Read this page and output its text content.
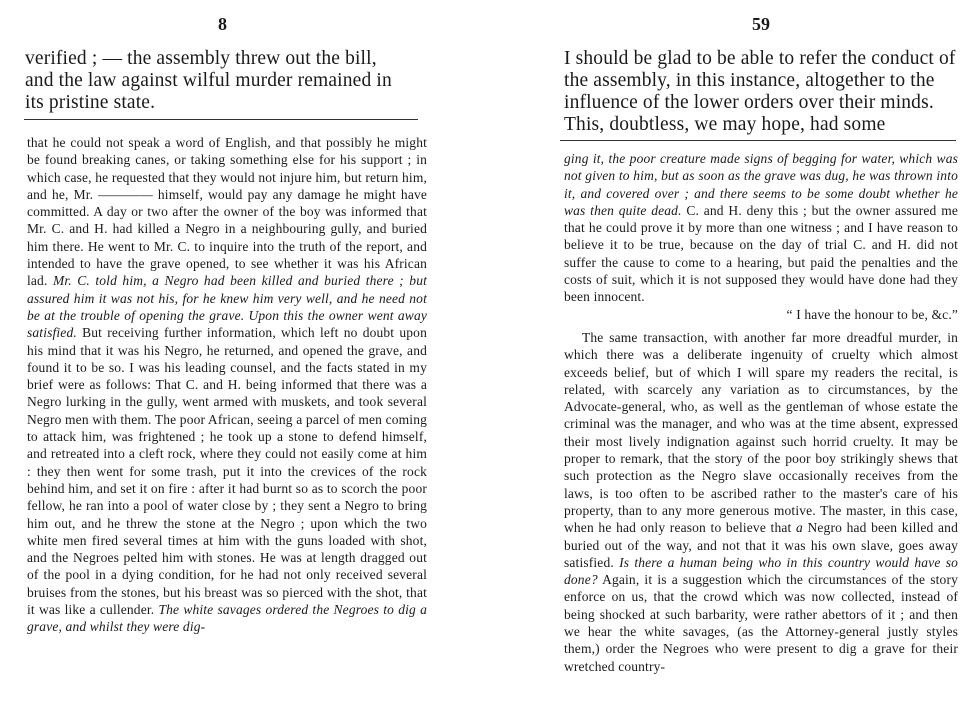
8
verified ; — the assembly threw out the bill, and the law against wilful murder remained in its pristine state.
that he could not speak a word of English, and that possibly he might be found breaking canes, or taking something else for his support ; in which case, he requested that they would not injure him, but return him, and he, Mr. ———— himself, would pay any damage he might have committed. A day or two after the owner of the boy was informed that Mr. C. and H. had killed a Negro in a neighbouring gully, and buried him there. He went to Mr. C. to inquire into the truth of the report, and intended to have the grave opened, to see whether it was his African lad. Mr. C. told him, a Negro had been killed and buried there ; but assured him it was not his, for he knew him very well, and he need not be at the trouble of opening the grave. Upon this the owner went away satisfied. But receiving further information, which left no doubt upon his mind that it was his Negro, he returned, and opened the grave, and found it to be so. I was his leading counsel, and the facts stated in my brief were as follows: That C. and H. being informed that there was a Negro lurking in the gully, went armed with muskets, and took several Negro men with them. The poor African, seeing a parcel of men coming to attack him, was frightened ; he took up a stone to defend himself, and retreated into a cleft rock, where they could not easily come at him : they then went for some trash, put it into the crevices of the rock behind him, and set it on fire : after it had burnt so as to scorch the poor fellow, he ran into a pool of water close by ; they sent a Negro to bring him out, and he threw the stone at the Negro ; upon which the two white men fired several times at him with the guns loaded with shot, and the Negroes pelted him with stones. He was at length dragged out of the pool in a dying condition, for he had not only received several bruises from the stones, but his breast was so pierced with the shot, that it was like a cullender. The white savages ordered the Negroes to dig a grave, and whilst they were dig-
59
I should be glad to be able to refer the conduct of the assembly, in this instance, altogether to the influence of the lower orders over their minds. This, doubtless, we may hope, had some
ging it, the poor creature made signs of begging for water, which was not given to him, but as soon as the grave was dug, he was thrown into it, and covered over ; and there seems to be some doubt whether he was then quite dead. C. and H. deny this ; but the owner assured me that he could prove it by more than one witness ; and I have reason to believe it to be true, because on the day of trial C. and H. did not suffer the cause to come to a hearing, but paid the penalties and the costs of suit, which it is not supposed they would have done had they been innocent.
“ I have the honour to be, &c.”
The same transaction, with another far more dreadful murder, in which there was a deliberate ingenuity of cruelty which almost exceeds belief, but of which I will spare my readers the recital, is related, with scarcely any variation as to circumstances, by the Advocate-general, who, as well as the gentleman of whose estate the criminal was the manager, and who was at the time absent, expressed their most lively indignation against such horrid cruelty. It may be proper to remark, that the story of the poor boy strikingly shews that such protection as the Negro slave occasionally receives from the laws, is too often to be ascribed rather to the master's care of his property, than to any more generous motive. The master, in this case, when he had only reason to believe that a Negro had been killed and buried out of the way, and not that it was his own slave, goes away satisfied. Is there a human being who in this country would have so done? Again, it is a suggestion which the circumstances of the story enforce on us, that the crowd which was now collected, instead of being shocked at such barbarity, were rather abettors of it ; and then we hear the white savages, (as the Attorney-general justly styles them,) order the Negroes who were present to dig a grave for their wretched country-
